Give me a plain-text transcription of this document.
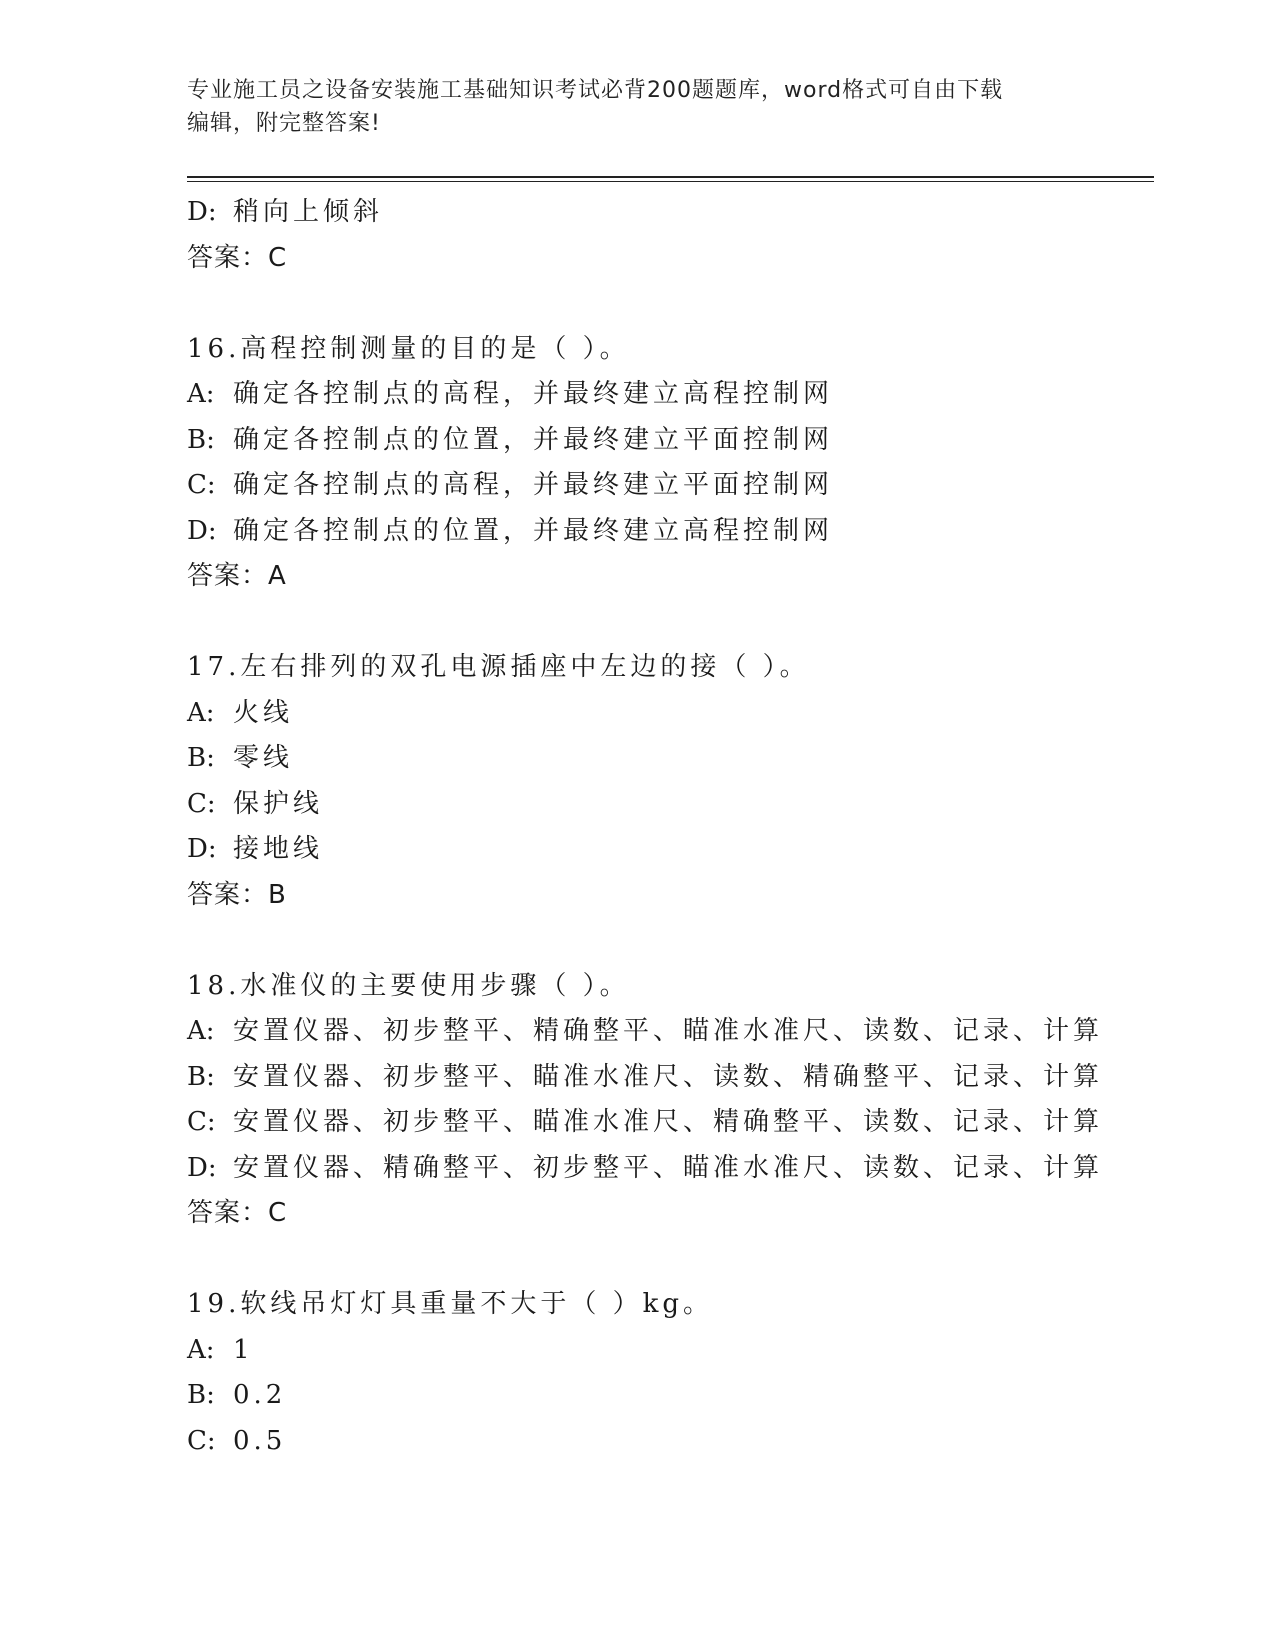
专业施工员之设备安装施工基础知识考试必背200题题库，word格式可自由下载
编辑，附完整答案!
D: 稍向上倾斜
答案：C
16.高程控制测量的目的是（ ）。
A: 确定各控制点的高程，并最终建立高程控制网
B: 确定各控制点的位置，并最终建立平面控制网
C: 确定各控制点的高程，并最终建立平面控制网
D: 确定各控制点的位置，并最终建立高程控制网
答案：A
17.左右排列的双孔电源插座中左边的接（ ）。
A: 火线
B: 零线
C: 保护线
D: 接地线
答案：B
18.水准仪的主要使用步骤（ ）。
A: 安置仪器、初步整平、精确整平、瞄准水准尺、读数、记录、计算
B: 安置仪器、初步整平、瞄准水准尺、读数、精确整平、记录、计算
C: 安置仪器、初步整平、瞄准水准尺、精确整平、读数、记录、计算
D: 安置仪器、精确整平、初步整平、瞄准水准尺、读数、记录、计算
答案：C
19.软线吊灯灯具重量不大于（ ）kg。
A: 1
B: 0.2
C: 0.5
